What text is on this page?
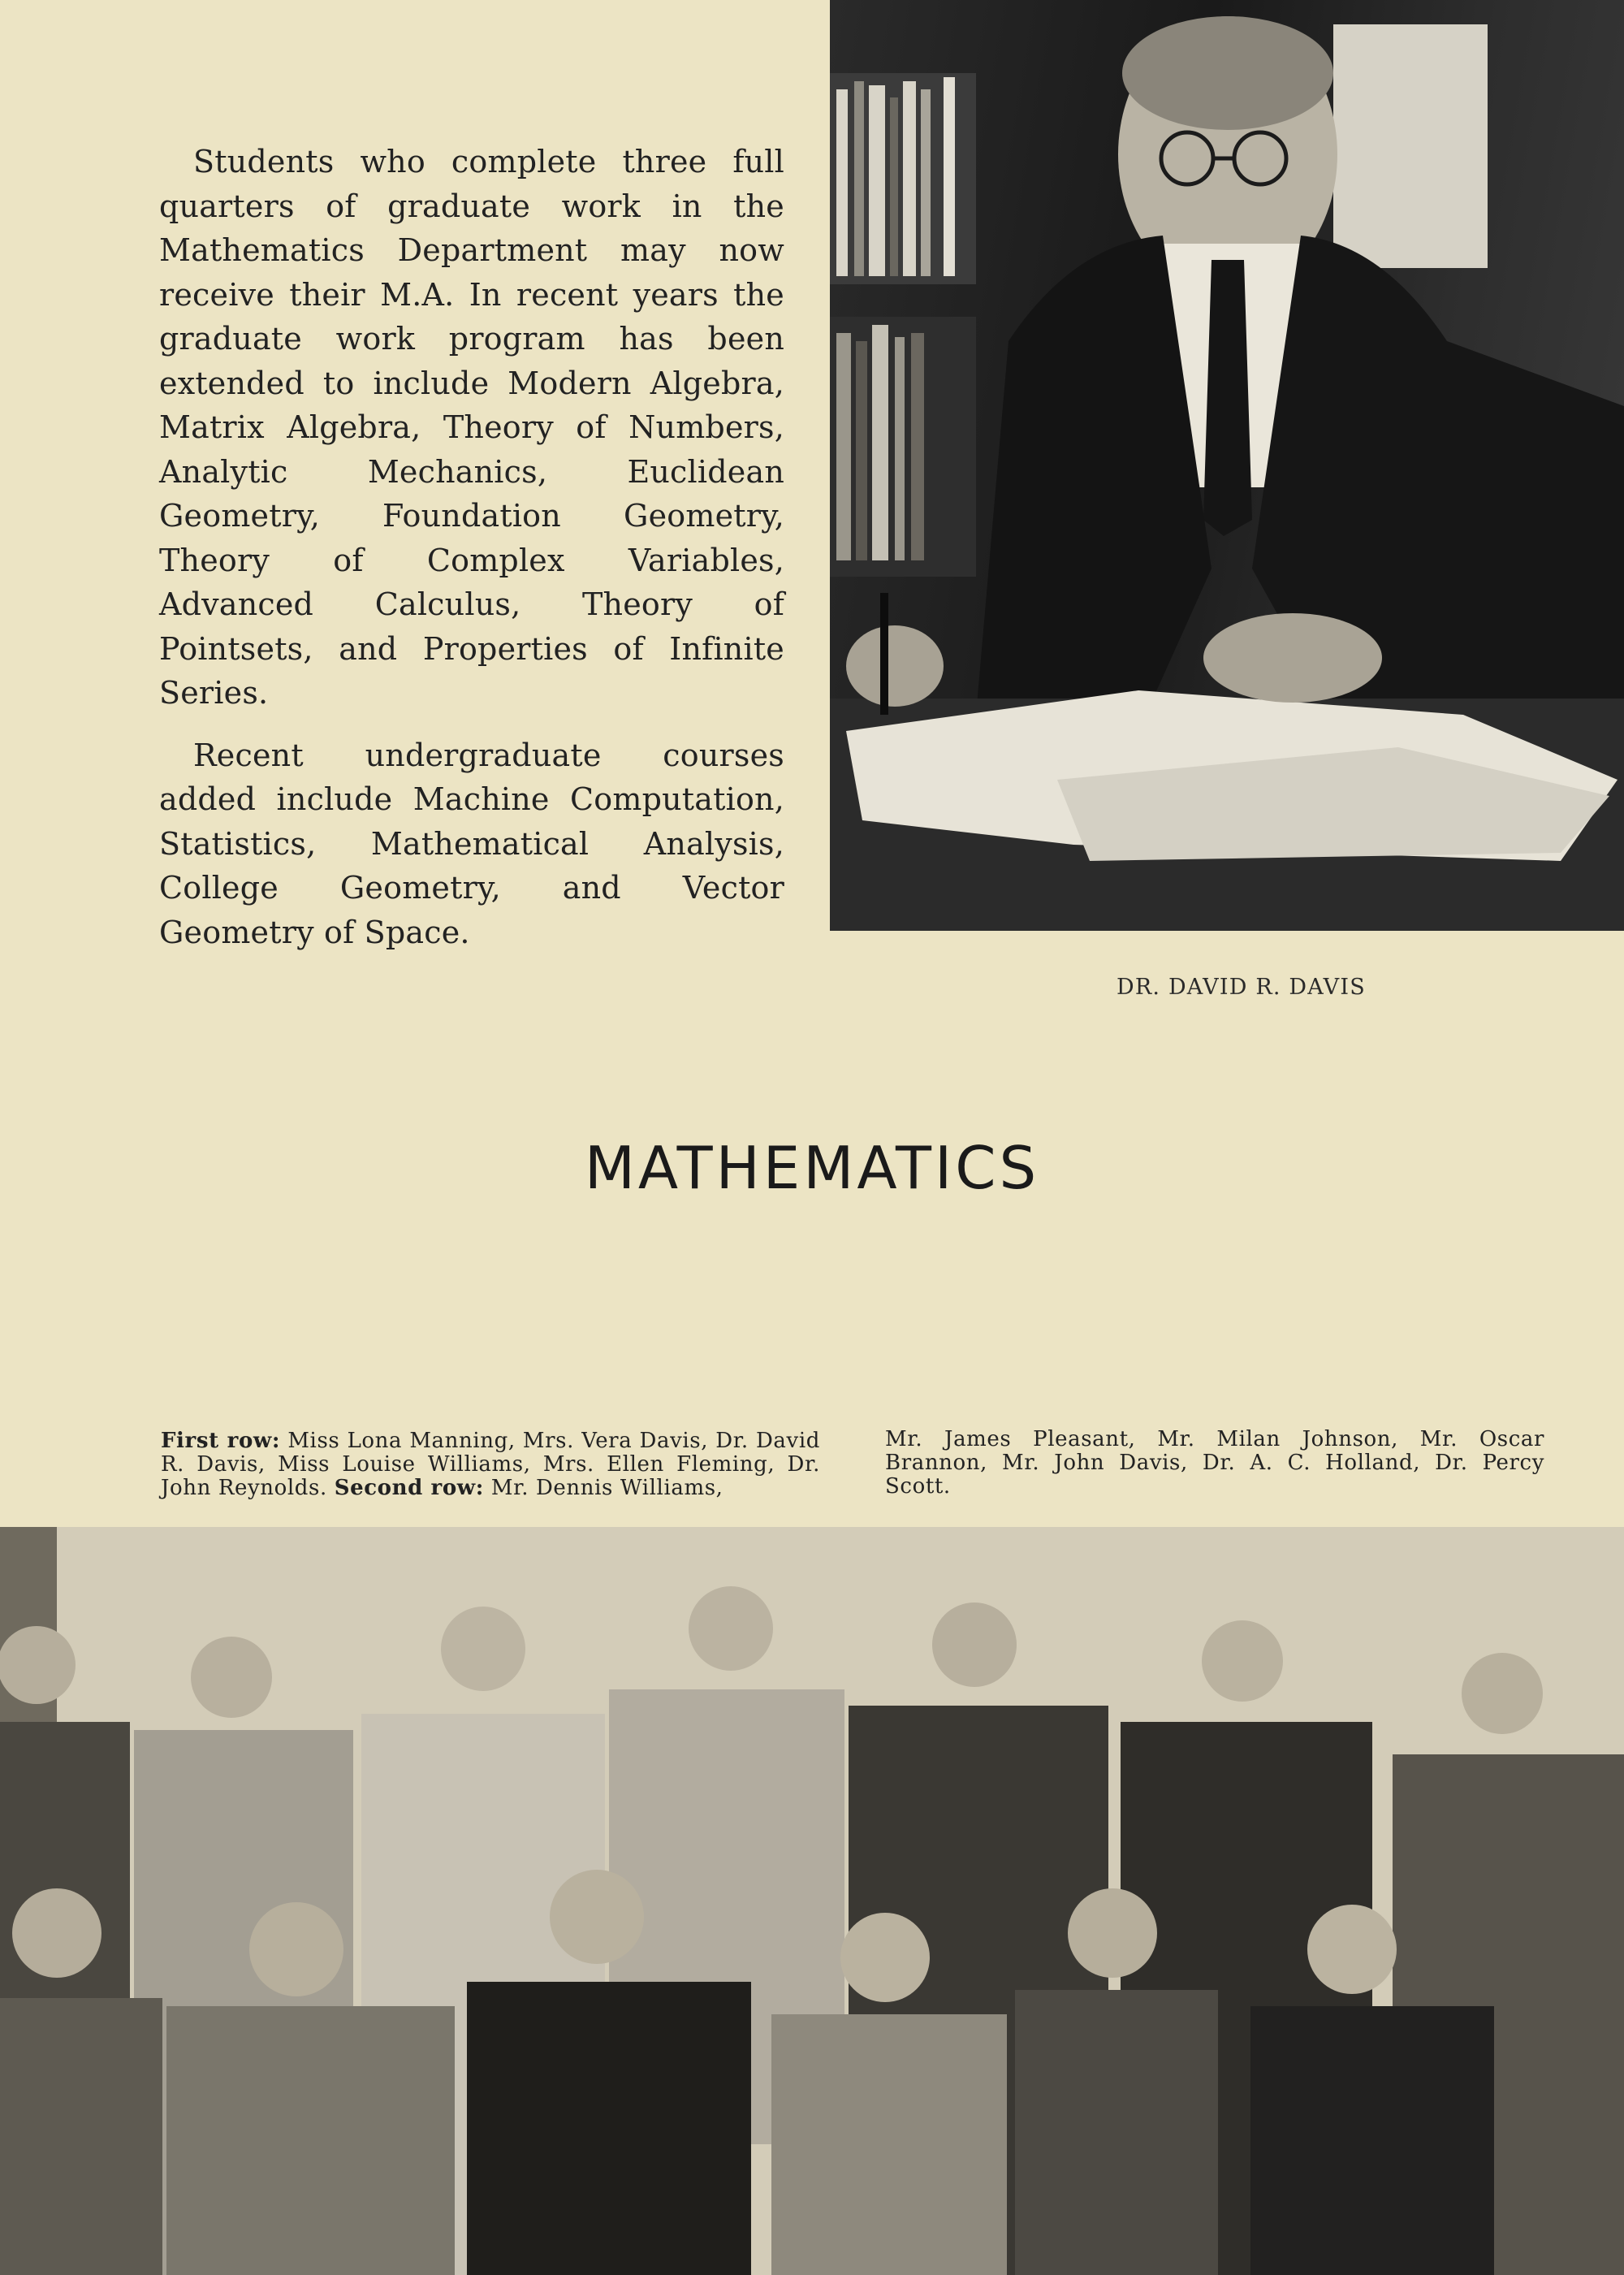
Students who complete three full quarters of graduate work in the Mathematics Department may now receive their M.A. In recent years the graduate work program has been extended to include Modern Algebra, Matrix Algebra, Theory of Numbers, Analytic Mechanics, Euclidean Geometry, Foundation Geometry, Theory of Complex Variables, Advanced Calculus, Theory of Pointsets, and Properties of Infinite Series.

Recent undergraduate courses added include Machine Computation, Statistics, Mathematical Analysis, College Geometry, and Vector Geometry of Space.

DR. DAVID R. DAVIS
MATHEMATICS
First row: Miss Lona Manning, Mrs. Vera Davis, Dr. David R. Davis, Miss Louise Williams, Mrs. Ellen Fleming, Dr. John Reynolds. Second row: Mr. Dennis Williams,
Mr. James Pleasant, Mr. Milan Johnson, Mr. Oscar Brannon, Mr. John Davis, Dr. A. C. Holland, Dr. Percy Scott.
